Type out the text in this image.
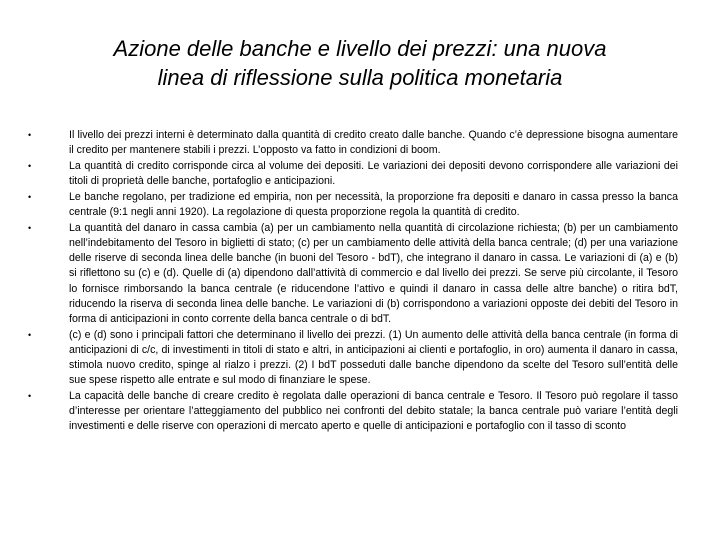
Azione delle banche e livello dei prezzi: una nuova
linea di riflessione sulla politica monetaria
•	Il livello dei prezzi interni è determinato dalla quantità di credito creato dalle banche. Quando c’è depressione bisogna aumentare il credito per mantenere stabili i prezzi. L’opposto va fatto in condizioni di boom.
•	La quantità di credito corrisponde circa al volume dei depositi. Le variazioni dei depositi devono corrispondere alle variazioni dei titoli di proprietà delle banche, portafoglio e anticipazioni.
•	Le banche regolano, per tradizione ed empiria, non per necessità, la proporzione fra depositi e danaro in cassa presso la banca centrale (9:1 negli anni 1920). La regolazione di questa proporzione regola la quantità di credito.
•	La quantità del danaro in cassa cambia (a) per un cambiamento nella quantità di circolazione richiesta; (b) per un cambiamento nell’indebitamento del Tesoro in biglietti di stato; (c) per un cambiamento delle attività della banca centrale; (d) per una variazione delle riserve di seconda linea delle banche (in buoni del Tesoro - bdT), che integrano il danaro in cassa. Le variazioni di (a) e (b) si riflettono su (c) e (d). Quelle di (a) dipendono dall’attività di commercio e dal livello dei prezzi. Se serve più circolante, il Tesoro lo fornisce rimborsando la banca centrale (e riducendone l’attivo e quindi il danaro in cassa delle altre banche) o ritira bdT, riducendo la riserva di seconda linea delle banche. Le variazioni di (b) corrispondono a variazioni opposte dei debiti del Tesoro in forma di anticipazioni in conto corrente della banca centrale o di bdT.
•	(c) e (d) sono i principali fattori che determinano il livello dei prezzi. (1) Un aumento delle attività della banca centrale (in forma di anticipazioni di c/c, di investimenti in titoli di stato e altri, in anticipazioni ai clienti e portafoglio, in oro) aumenta il danaro in cassa, stimola nuovo credito, spinge al rialzo i prezzi. (2) I bdT posseduti dalle banche dipendono da scelte del Tesoro sull’entità delle sue spese rispetto alle entrate e sul modo di finanziare le spese.
•	La capacità delle banche di creare credito è regolata dalle operazioni di banca centrale e Tesoro. Il Tesoro può regolare il tasso d’interesse per orientare l’atteggiamento del pubblico nei confronti del debito statale; la banca centrale può variare l’entità degli investimenti e delle riserve con operazioni di mercato aperto e quelle di anticipazioni e portafoglio con il tasso di sconto
